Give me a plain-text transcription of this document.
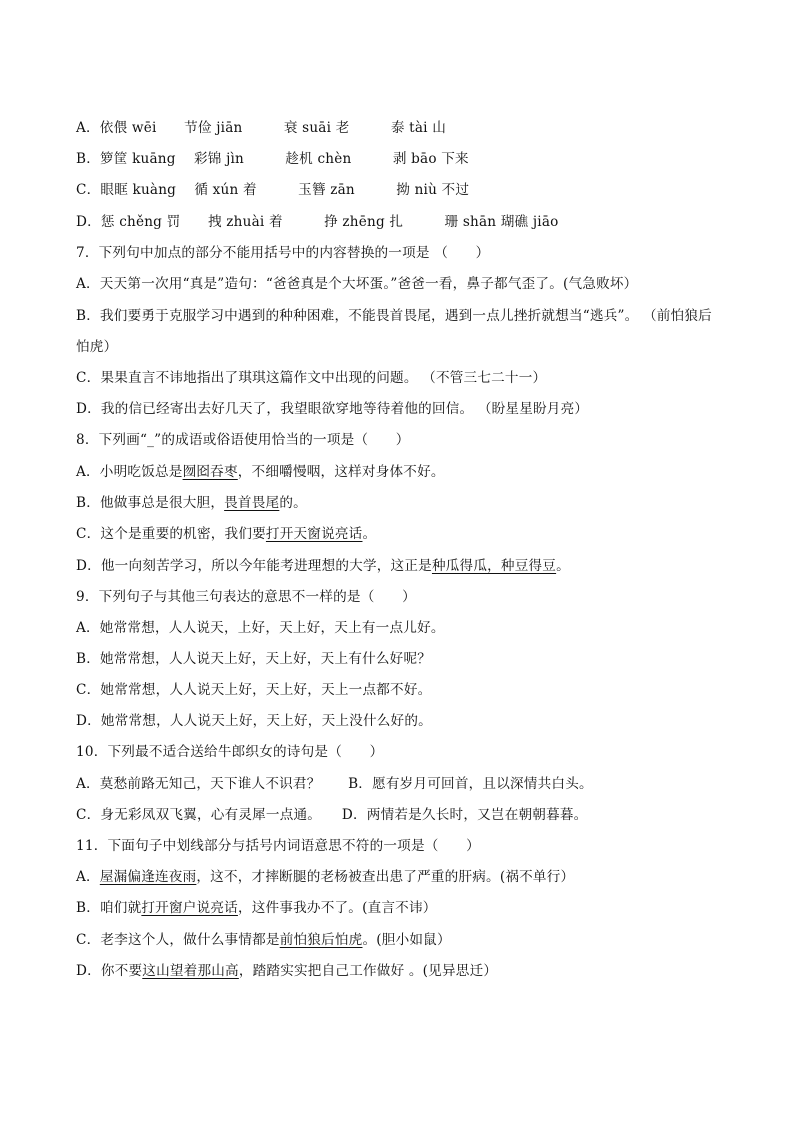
A．依偎 wēi　　节俭 jiān　　　衰 suāi 老　　　泰 tài 山
B．箩筐 kuāng　 彩锦 jìn　　　趁机 chèn　　　剥 bāo 下来
C．眼眶 kuàng　 循 xún 着　　　玉簪 zān　　　拗 niù 不过
D．惩 chěng 罚　　拽 zhuài 着　　　挣 zhēng 扎　　　珊 shān 瑚礁 jiāo
7．下列句中加点的部分不能用括号中的内容替换的一项是 （　　）
A．天天第一次用“真是”造句：“爸爸真是个大坏蛋。”爸爸一看，鼻子都气歪了。(气急败坏）
B．我们要勇于克服学习中遇到的种种困难，不能畏首畏尾，遇到一点儿挫折就想当“逃兵”。 （前怕狼后
怕虎）
C．果果直言不讳地指出了琪琪这篇作文中出现的问题。 （不管三七二十一）
D．我的信已经寄出去好几天了，我望眼欲穿地等待着他的回信。 （盼星星盼月亮）
8．下列画“_”的成语或俗语使用恰当的一项是（　　）
A．小明吃饭总是囫囵吞枣，不细嚼慢咽，这样对身体不好。
B．他做事总是很大胆，畏首畏尾的。
C．这个是重要的机密，我们要打开天窗说亮话。
D．他一向刻苦学习，所以今年能考进理想的大学，这正是种瓜得瓜，种豆得豆。
9．下列句子与其他三句表达的意思不一样的是（　　）
A．她常常想，人人说天，上好，天上好，天上有一点儿好。
B．她常常想，人人说天上好，天上好，天上有什么好呢？
C．她常常想，人人说天上好，天上好，天上一点都不好。
D．她常常想，人人说天上好，天上好，天上没什么好的。
10．下列最不适合送给牛郎织女的诗句是（　　）
A．莫愁前路无知己，天下谁人不识君？　　B．愿有岁月可回首，且以深情共白头。
C．身无彩凤双飞翼，心有灵犀一点通。　　D．两情若是久长时，又岂在朝朝暮暮。
11．下面句子中划线部分与括号内词语意思不符的一项是（　　）
A．屋漏偏逢连夜雨，这不，才摔断腿的老杨被查出患了严重的肝病。(祸不单行）
B．咱们就打开窗户说亮话，这件事我办不了。(直言不讳）
C．老李这个人，做什么事情都是前怕狼后怕虎。(胆小如鼠）
D．你不要这山望着那山高，踏踏实实把自己工作做好 。(见异思迁）
